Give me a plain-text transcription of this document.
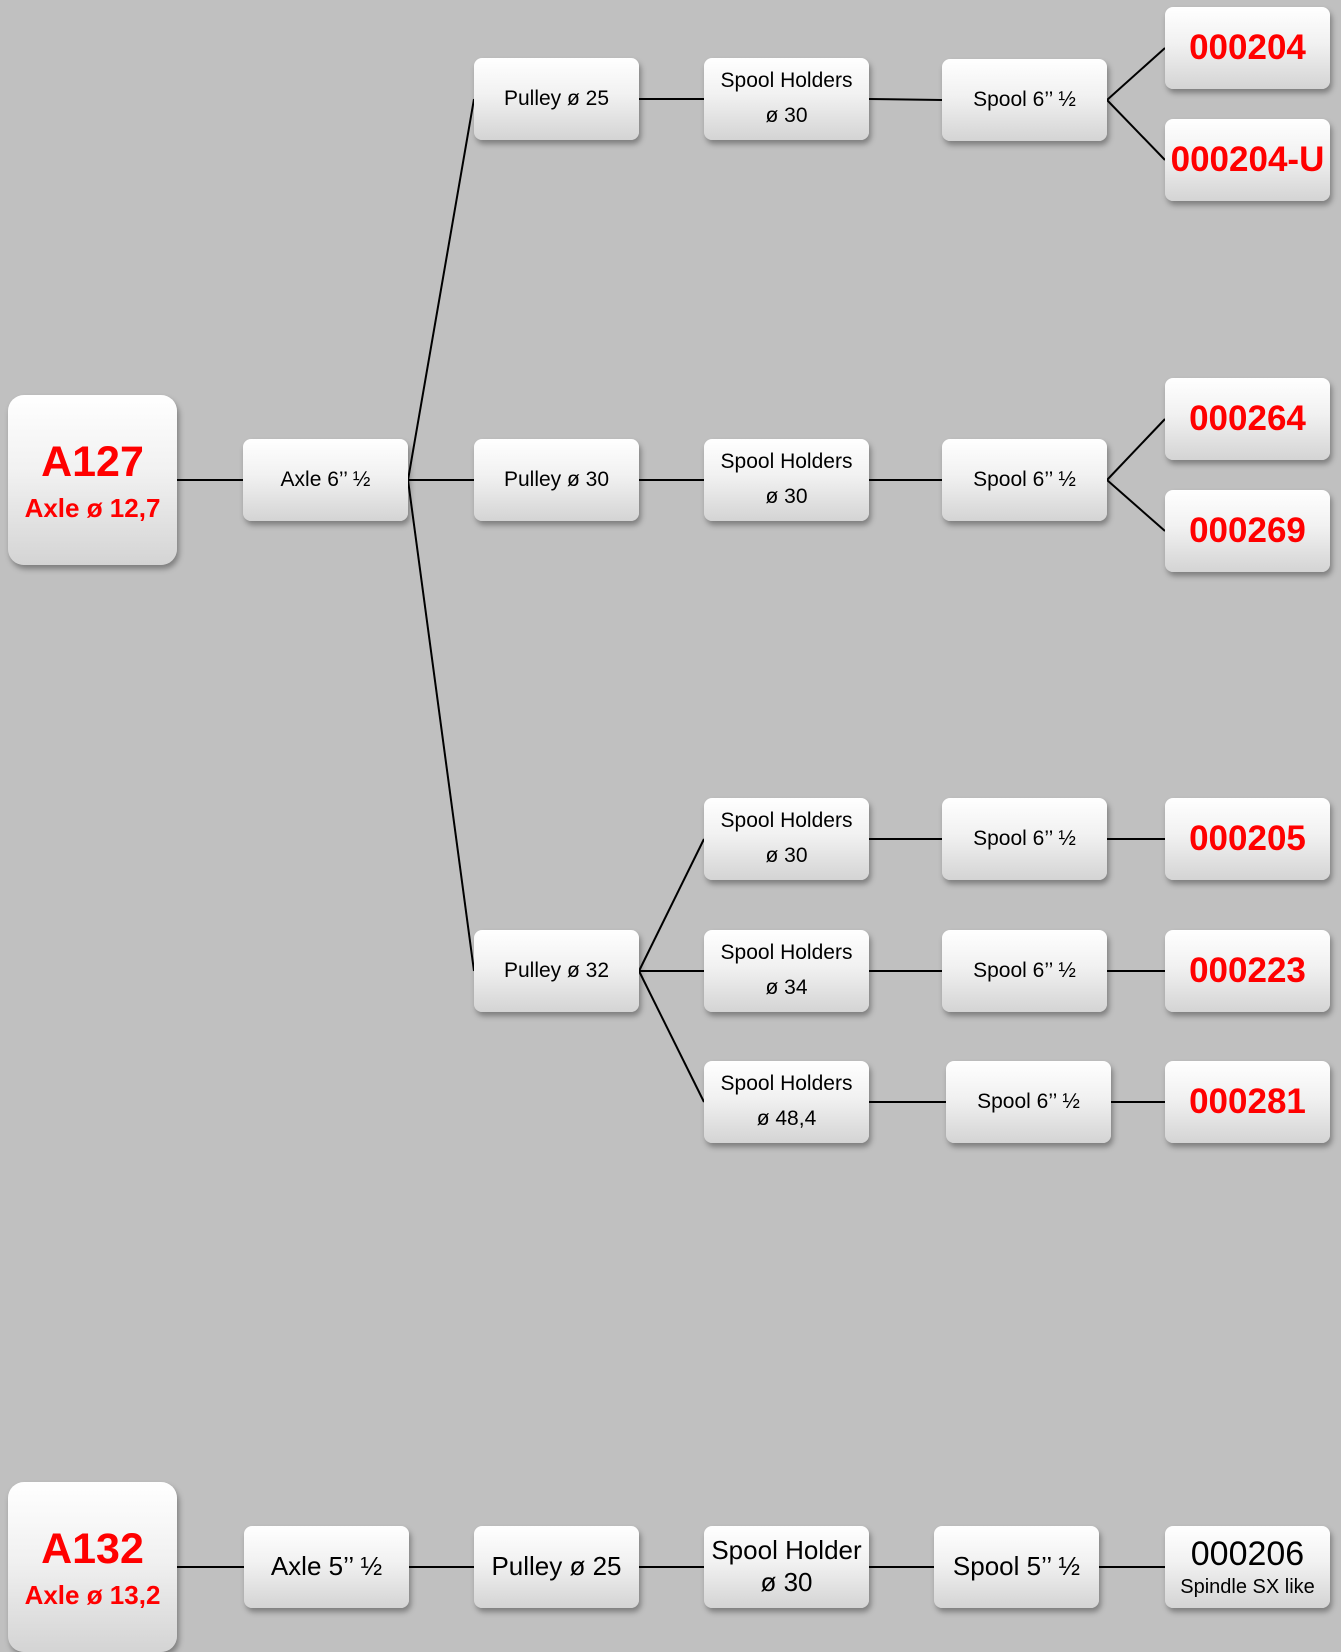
A127
Axle ø 12,7
Axle 6’’ ½
Pulley ø 25
Pulley ø 30
Pulley ø 32
Spool Holders
ø 30
Spool Holders
ø 30
Spool Holders
ø 30
Spool Holders
ø 34
Spool Holders
ø 48,4
Spool 6’’ ½
Spool 6’’ ½
Spool 6’’ ½
Spool 6’’ ½
Spool 6’’ ½
000204
000204-U
000264
000269
000205
000223
000281
A132
Axle ø 13,2
Axle 5’’ ½	Pulley ø 25
Spool Holder
ø 30
Spool 5’’ ½	000206
Spindle SX like
